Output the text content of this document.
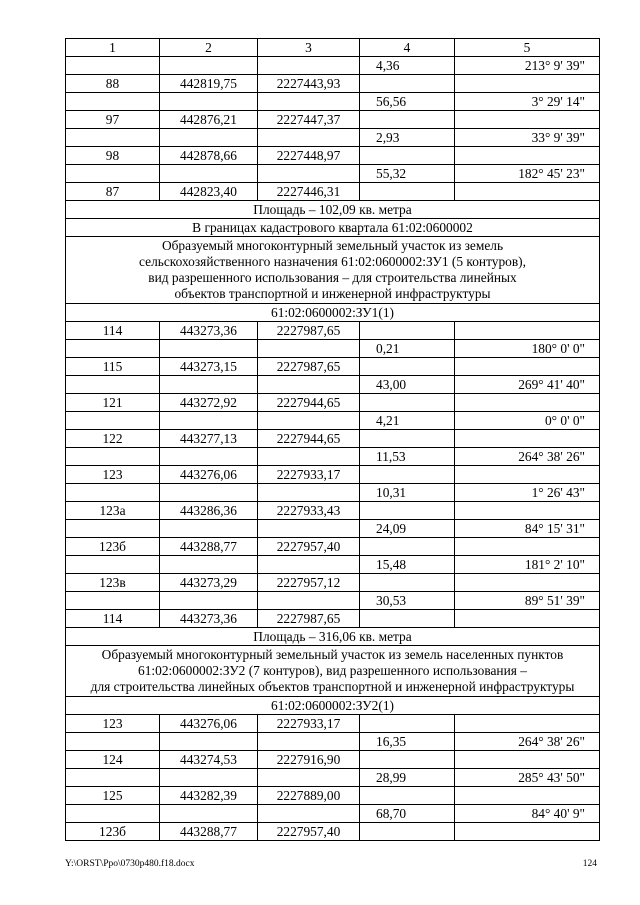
1	2	3	4	5
			4,36	213° 9' 39"
88	442819,75	2227443,93		
			56,56	3° 29' 14"
97	442876,21	2227447,37		
			2,93	33° 9' 39"
98	442878,66	2227448,97		
			55,32	182° 45' 23"
87	442823,40	2227446,31		
Площадь – 102,09 кв. метра				
В границах кадастрового квартала 61:02:0600002				
Образуемый многоконтурный земельный участок из земель
сельскохозяйственного назначения 61:02:0600002:ЗУ1 (5 контуров),
вид разрешенного использования – для строительства линейных
объектов транспортной и инженерной инфраструктуры				
61:02:0600002:ЗУ1(1)				
114	443273,36	2227987,65		
			0,21	180° 0' 0"
115	443273,15	2227987,65		
			43,00	269° 41' 40"
121	443272,92	2227944,65		
			4,21	0° 0' 0"
122	443277,13	2227944,65		
			11,53	264° 38' 26"
123	443276,06	2227933,17		
			10,31	1° 26' 43"
123а	443286,36	2227933,43		
			24,09	84° 15' 31"
123б	443288,77	2227957,40		
			15,48	181° 2' 10"
123в	443273,29	2227957,12		
			30,53	89° 51' 39"
114	443273,36	2227987,65		
Площадь – 316,06 кв. метра				
Образуемый многоконтурный земельный участок из земель населенных пунктов
61:02:0600002:ЗУ2 (7 контуров), вид разрешенного использования –
для строительства линейных объектов транспортной и инженерной инфраструктуры				
61:02:0600002:ЗУ2(1)				
123	443276,06	2227933,17		
			16,35	264° 38' 26"
124	443274,53	2227916,90		
			28,99	285° 43' 50"
125	443282,39	2227889,00		
			68,70	84° 40' 9"
123б	443288,77	2227957,40		
Y:\ORST\Ppo\0730p480.f18.docx	124
